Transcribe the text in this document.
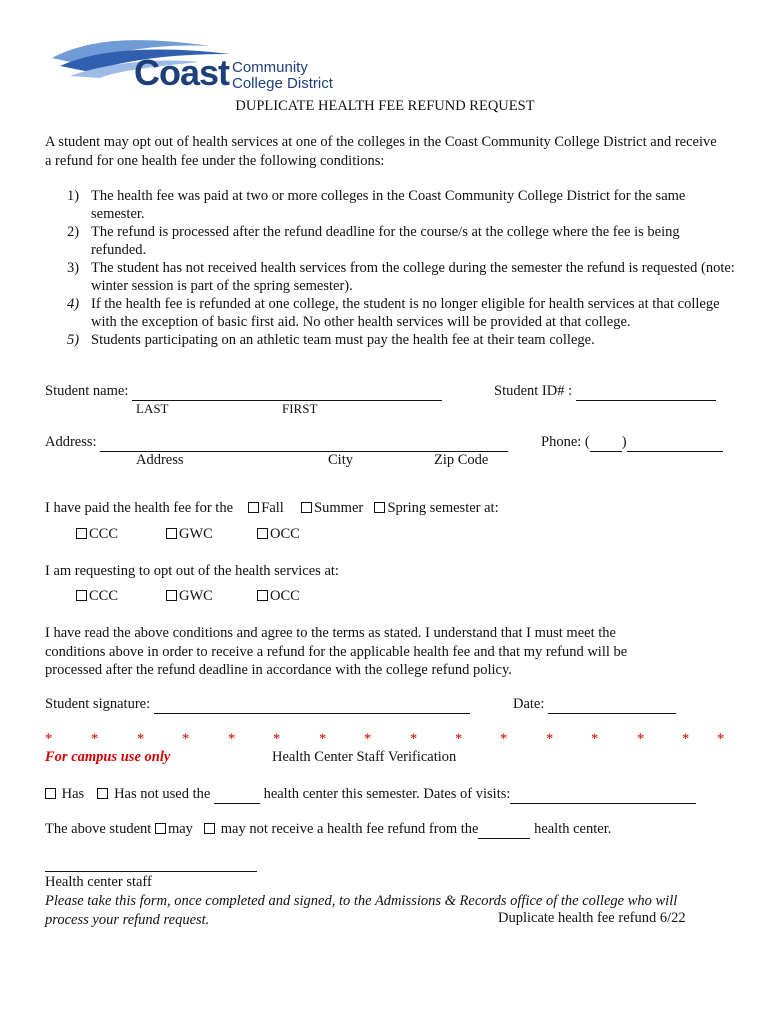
Coast Community
College District
DUPLICATE HEALTH FEE REFUND REQUEST
A student may opt out of health services at one of the colleges in the Coast Community College District and receive a refund for one health fee under the following conditions:
1) The health fee was paid at two or more colleges in the Coast Community College District for the same semester.
2) The refund is processed after the refund deadline for the course/s at the college where the fee is being refunded.
3) The student has not received health services from the college during the semester the refund is requested (note: winter session is part of the spring semester).
4) If the health fee is refunded at one college, the student is no longer eligible for health services at that college with the exception of basic first aid. No other health services will be provided at that college.
5) Students participating on an athletic team must pay the health fee at their team college.
Student name:
LAST	FIRST
Student ID# :
Address:
Address	City	Zip Code
Phone: ( )
I have paid the health fee for the Fall Summer Spring semester at:
CCC	GWC	OCC
I am requesting to opt out of the health services at:
CCC	GWC	OCC
I have read the above conditions and agree to the terms as stated. I understand that I must meet the conditions above in order to receive a refund for the applicable health fee and that my refund will be processed after the refund deadline in accordance with the college refund policy.
Student signature:	Date:
*	*	*	*	*	*	*	*	*	*	*	*	*	*	* *
For campus use only	Health Center Staff Verification
Has Has not used the	health center this semester. Dates of visits:
The above student may may not receive a health fee refund from the	health center.
Health center staff
Please take this form, once completed and signed, to the Admissions & Records office of the college who will process your refund request.	Duplicate health fee refund 6/22
